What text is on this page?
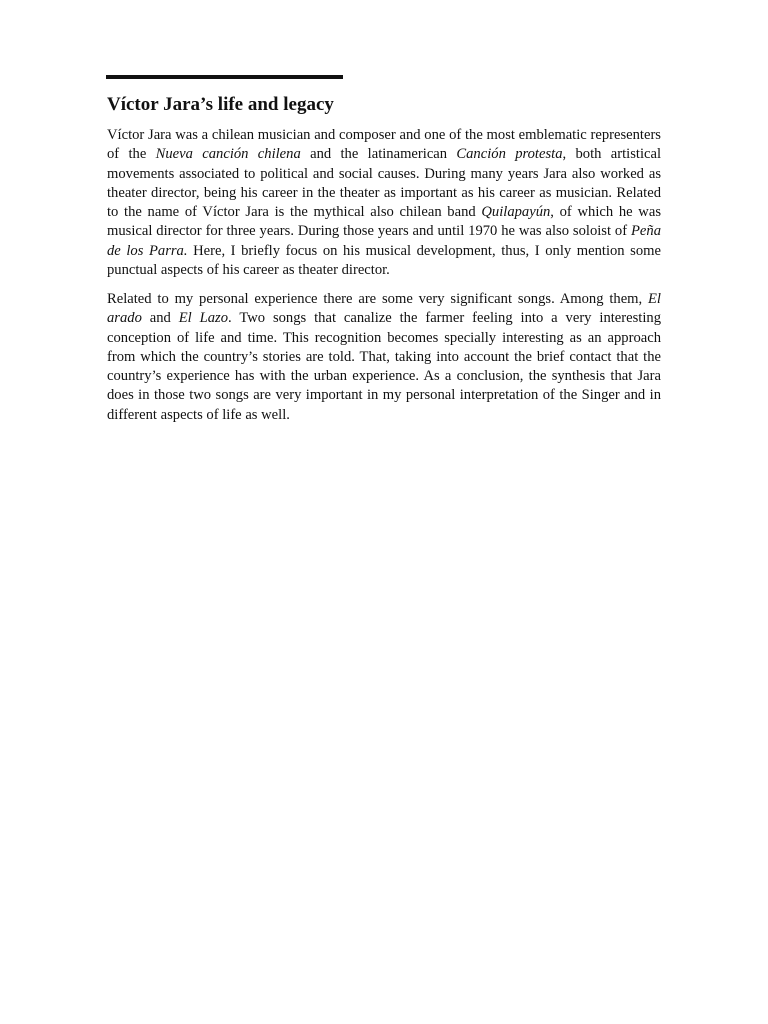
Víctor Jara’s life and legacy

Víctor Jara was a chilean musician and composer and one of the most emblematic representers of the Nueva canción chilena and the latinamerican Canción protesta, both artistical movements associated to political and social causes. During many years Jara also worked as theater director, being his career in the theater as important as his career as musician. Related to the name of Víctor Jara is the mythical also chilean band Quilapayún, of which he was musical director for three years. During those years and until 1970 he was also soloist of Peña de los Parra. Here, I briefly focus on his musical development, thus, I only mention some punctual aspects of his career as theater director.

Related to my personal experience there are some very significant songs. Among them, El arado and El Lazo. Two songs that canalize the farmer feeling into a very interesting conception of life and time. This recognition becomes specially interesting as an approach from which the country’s stories are told. That, taking into account the brief contact that the country’s experience has with the urban experience. As a conclusion, the synthesis that Jara does in those two songs are very important in my personal interpretation of the Singer and in different aspects of life as well.
